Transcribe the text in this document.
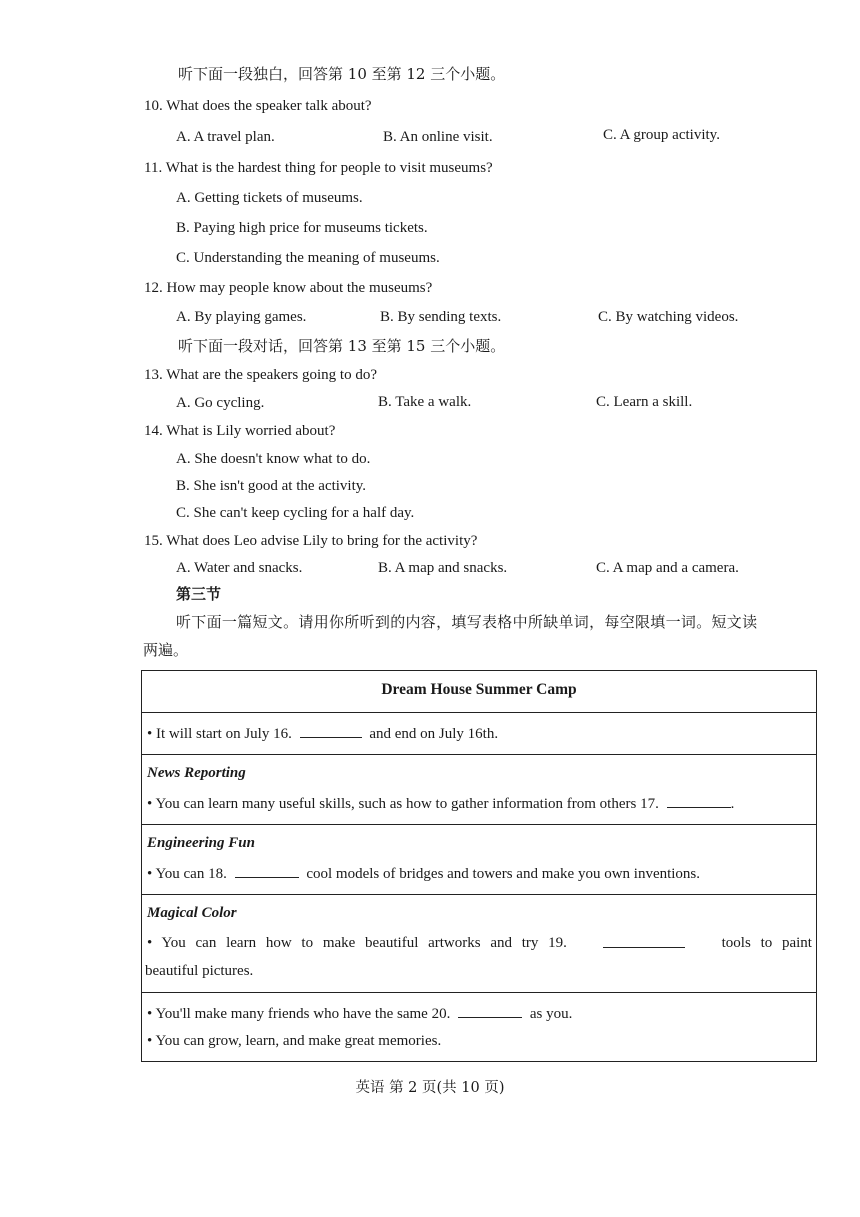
听下面一段独白，回答第 10 至第 12 三个小题。
10. What does the speaker talk about?
A. A travel plan.	B. An online visit.	C. A group activity.
11. What is the hardest thing for people to visit museums?
A. Getting tickets of museums.
B. Paying high price for museums tickets.
C. Understanding the meaning of museums.
12. How may people know about the museums?
A. By playing games.	B. By sending texts.	C. By watching videos.
听下面一段对话，回答第 13 至第 15 三个小题。
13. What are the speakers going to do?
A. Go cycling.	B. Take a walk.	C. Learn a skill.
14. What is Lily worried about?
A. She doesn't know what to do.
B. She isn't good at the activity.
C. She can't keep cycling for a half day.
15. What does Leo advise Lily to bring for the activity?
A. Water and snacks.	B. A map and snacks.	C. A map and a camera.
第三节
听下面一篇短文。请用你所听到的内容，填写表格中所缺单词，每空限填一词。短文读
两遍。
Dream House Summer Camp
• It will start on July 16.	and end on July 16th.
News Reporting
• You can learn many useful skills, such as how to gather information from others 17.	.
Engineering Fun
• You can 18.	cool models of bridges and towers and make you own inventions.
Magical Color
• You can learn how to make beautiful artworks and try 19.	tools to paint
beautiful pictures.
• You'll make many friends who have the same 20.	as you.
• You can grow, learn, and make great memories.
英语 第 2 页(共 10 页)
